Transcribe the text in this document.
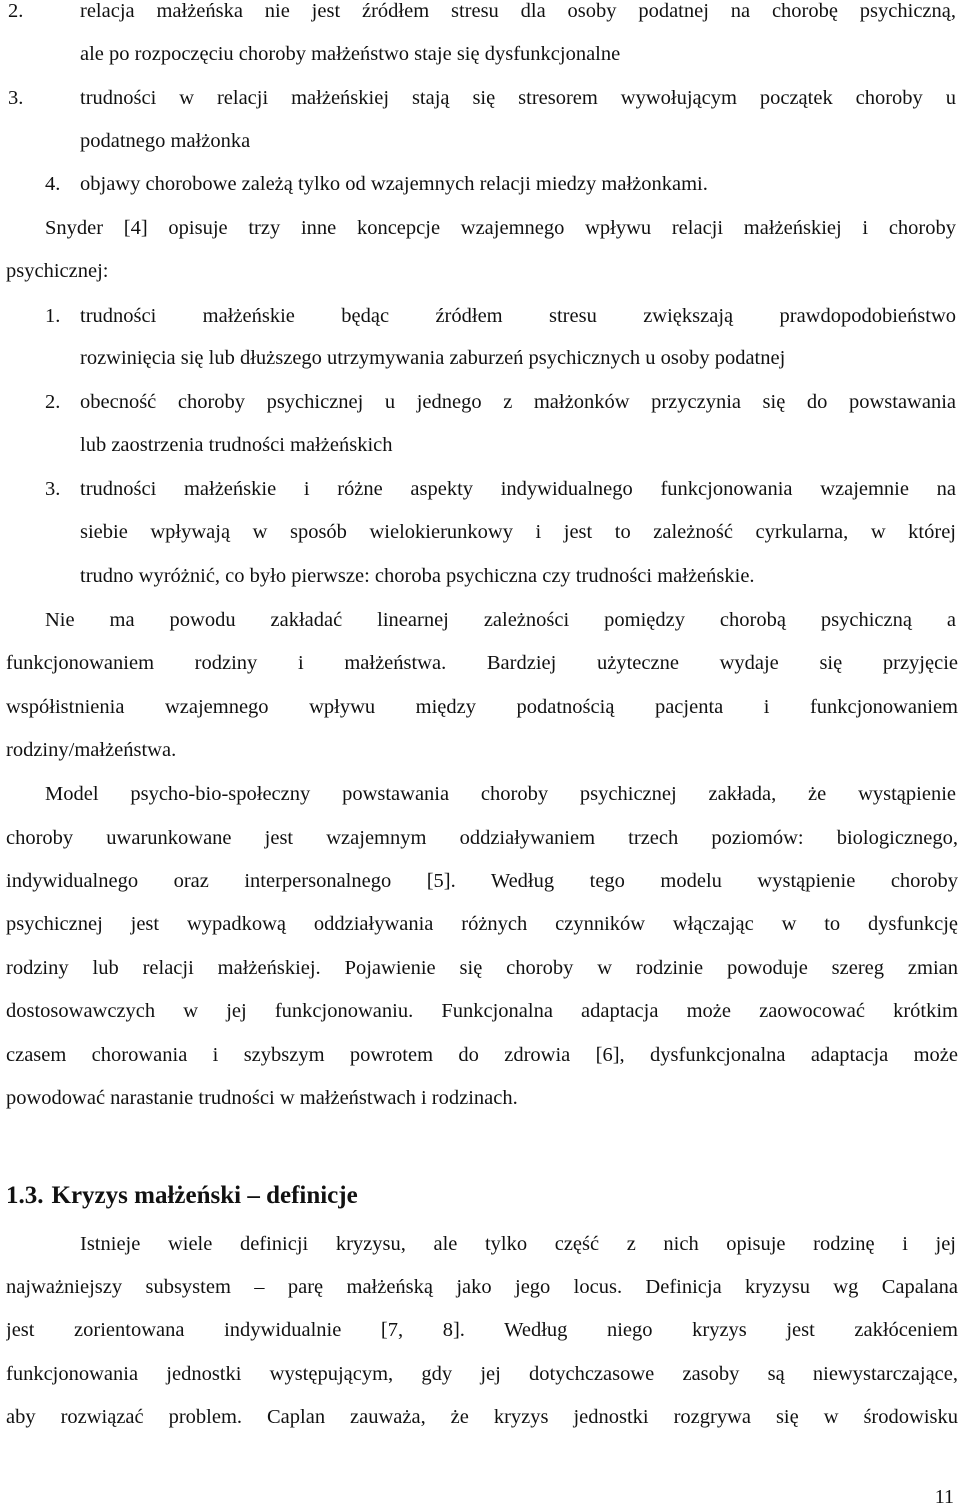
2.	relacja małżeńska nie jest źródłem stresu dla osoby podatnej na chorobę psychiczną,
ale po rozpoczęciu choroby małżeństwo staje się dysfunkcjonalne
3.	trudności w relacji małżeńskiej stają się stresorem wywołującym początek choroby u
podatnego małżonka
4. objawy chorobowe zależą tylko od wzajemnych relacji miedzy małżonkami.
Snyder [4] opisuje trzy inne koncepcje wzajemnego wpływu relacji małżeńskiej i choroby
psychicznej:
1. trudności małżeńskie będąc źródłem stresu zwiększają prawdopodobieństwo
rozwinięcia się lub dłuższego utrzymywania zaburzeń psychicznych u osoby podatnej
2. obecność choroby psychicznej u jednego z małżonków przyczynia się do powstawania
lub zaostrzenia trudności małżeńskich
3. trudności małżeńskie i różne aspekty indywidualnego funkcjonowania wzajemnie na
siebie wpływają w sposób wielokierunkowy i jest to zależność cyrkularna, w której
trudno wyróżnić, co było pierwsze: choroba psychiczna czy trudności małżeńskie.
Nie ma powodu zakładać linearnej zależności pomiędzy chorobą psychiczną a
funkcjonowaniem rodziny i małżeństwa. Bardziej użyteczne wydaje się przyjęcie
współistnienia wzajemnego wpływu między podatnością pacjenta i funkcjonowaniem
rodziny/małżeństwa.
Model psycho-bio-społeczny powstawania choroby psychicznej zakłada, że wystąpienie
choroby uwarunkowane jest wzajemnym oddziaływaniem trzech poziomów: biologicznego,
indywidualnego oraz interpersonalnego [5]. Według tego modelu wystąpienie choroby
psychicznej jest wypadkową oddziaływania różnych czynników włączając w to dysfunkcję
rodziny lub relacji małżeńskiej. Pojawienie się choroby w rodzinie powoduje szereg zmian
dostosowawczych w jej funkcjonowaniu. Funkcjonalna adaptacja może zaowocować krótkim
czasem chorowania i szybszym powrotem do zdrowia [6], dysfunkcjonalna adaptacja może
powodować narastanie trudności w małżeństwach i rodzinach.
1.3. Kryzys małżeński – definicje
Istnieje wiele definicji kryzysu, ale tylko część z nich opisuje rodzinę i jej
najważniejszy subsystem – parę małżeńską jako jego locus. Definicja kryzysu wg Capalana
jest zorientowana indywidualnie [7, 8]. Według niego kryzys jest zakłóceniem
funkcjonowania jednostki występującym, gdy jej dotychczasowe zasoby są niewystarczające,
aby rozwiązać problem. Caplan zauważa, że kryzys jednostki rozgrywa się w środowisku
11
